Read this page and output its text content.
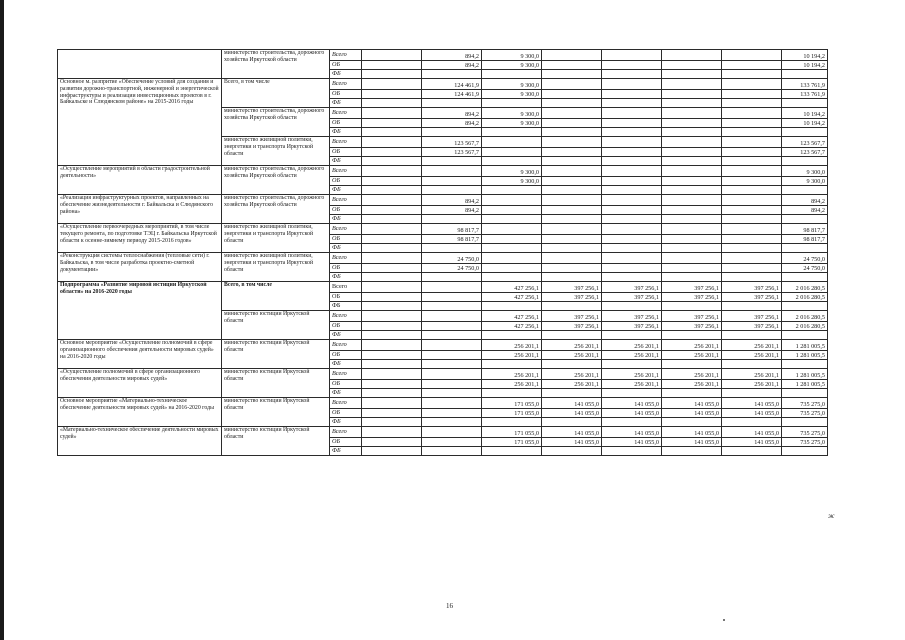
	министерство строительства, дорожного хозяйства Иркутской области	Всего		894,2	9 300,0					10 194,2
		ОБ		894,2	9 300,0					10 194,2
		ФБ								
Основное м. разпритие «Обеспечение условий для создания и развития дорожно-транспортной, инженерной и энергетической инфраструктуры и реализации инвестиционных проектов в г. Байкальске и Слюдянском районе» на 2015-2016 годы	Всего, в том числе	Всего		124 461,9	9 300,0					133 761,9
		ОБ		124 461,9	9 300,0					133 761,9
		ФБ								
	министерство строительства, дорожного хозяйства Иркутской области	Всего		894,2	9 300,0					10 194,2
		ОБ		894,2	9 300,0					10 194,2
		ФБ								
	министерство жилищной политики, энергетики и транспорта Иркутской области	Всего		123 567,7						123 567,7
		ОБ		123 567,7						123 567,7
		ФБ								
«Осуществление мероприятий в области градостроительной деятельности»	министерство строительства, дорожного хозяйства Иркутской области	Всего			9 300,0					9 300,0
		ОБ			9 300,0					9 300,0
		ФБ								
«Реализация инфраструктурных проектов, направленных на обеспечение жизнедеятельности г. Байкальска и Слюдянского района»	министерство строительства, дорожного хозяйства Иркутской области	Всего		894,2						894,2
		ОБ		894,2						894,2
		ФБ								
«Осуществление первоочередных мероприятий, в том числе текущего ремонта, по подготовке ТЭЦ г. Байкальска Иркутской области к осенне-зимнему периоду 2015-2016 годов»	министерство жилищной политики, энергетики и транспорта Иркутской области	Всего		98 817,7						98 817,7
		ОБ		98 817,7						98 817,7
		ФБ								
«Реконструкция системы теплоснабжения (тепловые сети) г. Байкальска, в том числе разработка проектно-сметной документации»	министерство жилищной политики, энергетики и транспорта Иркутской области	Всего		24 750,0						24 750,0
		ОБ		24 750,0						24 750,0
		ФБ								
Подпрограмма «Развитие мировой юстиции Иркутской области» на 2016-2020 годы	Всего, в том числе	Всего			427 256,1	397 256,1	397 256,1	397 256,1	397 256,1	2 016 280,5
		ОБ			427 256,1	397 256,1	397 256,1	397 256,1	397 256,1	2 016 280,5
		ФБ								
	министерство юстиции Иркутской области	Всего			427 256,1	397 256,1	397 256,1	397 256,1	397 256,1	2 016 280,5
		ОБ			427 256,1	397 256,1	397 256,1	397 256,1	397 256,1	2 016 280,5
		ФБ								
Основное мероприятие «Осуществление полномочий в сфере организационного обеспечения деятельности мировых судей» на 2016-2020 годы	министерство юстиции Иркутской области	Всего			256 201,1	256 201,1	256 201,1	256 201,1	256 201,1	1 281 005,5
		ОБ			256 201,1	256 201,1	256 201,1	256 201,1	256 201,1	1 281 005,5
		ФБ								
«Осуществление полномочий в сфере организационного обеспечения деятельности мировых судей»	министерство юстиции Иркутской области	Всего			256 201,1	256 201,1	256 201,1	256 201,1	256 201,1	1 281 005,5
		ОБ			256 201,1	256 201,1	256 201,1	256 201,1	256 201,1	1 281 005,5
		ФБ								
Основное мероприятие «Материально-техническое обеспечение деятельности мировых судей» на 2016-2020 годы	министерство юстиции Иркутской области	Всего			171 055,0	141 055,0	141 055,0	141 055,0	141 055,0	735 275,0
		ОБ			171 055,0	141 055,0	141 055,0	141 055,0	141 055,0	735 275,0
		ФБ								
«Материально-техническое обеспечение деятельности мировых судей»	министерство юстиции Иркутской области	Всего			171 055,0	141 055,0	141 055,0	141 055,0	141 055,0	735 275,0
		ОБ			171 055,0	141 055,0	141 055,0	141 055,0	141 055,0	735 275,0
		ФБ								
16
ж
